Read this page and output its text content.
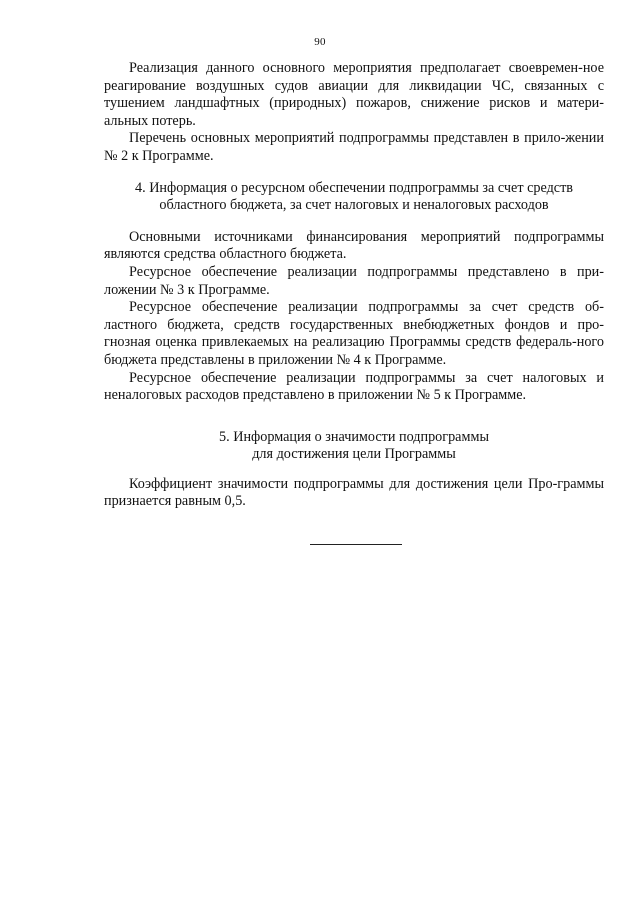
90

Реализация данного основного мероприятия предполагает своевремен-ное реагирование воздушных судов авиации для ликвидации ЧС, связанных с тушением ландшафтных (природных) пожаров, снижение рисков и матери-альных потерь.

Перечень основных мероприятий подпрограммы представлен в прило-жении № 2 к Программе.

4. Информация о ресурсном обеспечении подпрограммы за счет средств
областного бюджета, за счет налоговых и неналоговых расходов

Основными источниками финансирования мероприятий подпрограммы являются средства областного бюджета.

Ресурсное обеспечение реализации подпрограммы представлено в при-ложении № 3 к Программе.

Ресурсное обеспечение реализации подпрограммы за счет средств об-ластного бюджета, средств государственных внебюджетных фондов и про-гнозная оценка привлекаемых на реализацию Программы средств федераль-ного бюджета представлены в приложении № 4 к Программе.

Ресурсное обеспечение реализации подпрограммы за счет налоговых и неналоговых расходов представлено в приложении № 5 к Программе.

5. Информация о значимости подпрограммы
для достижения цели Программы

Коэффициент значимости подпрограммы для достижения цели Про-граммы признается равным 0,5.
